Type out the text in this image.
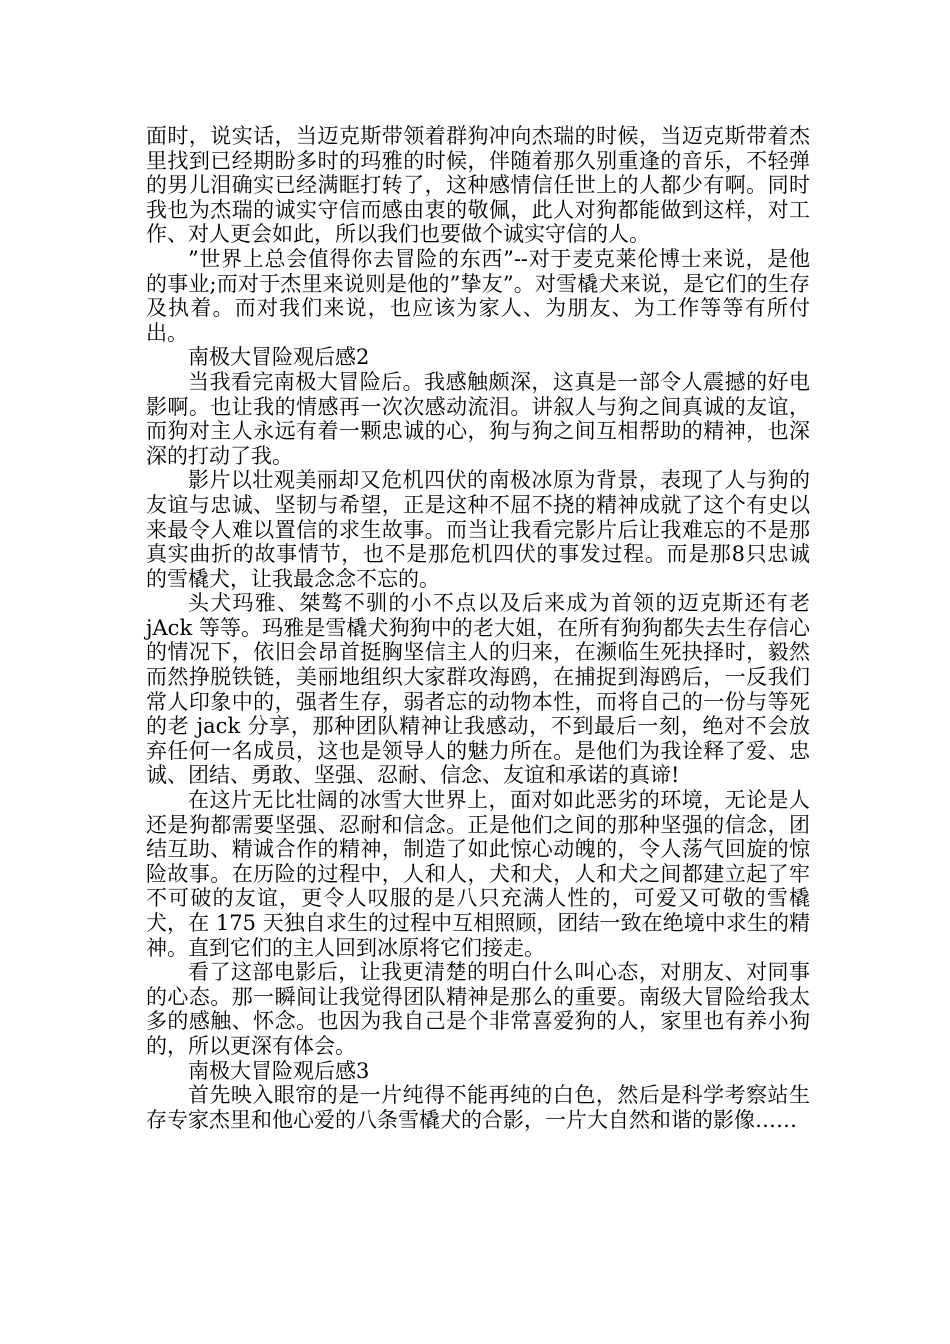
面时，说实话，当迈克斯带领着群狗冲向杰瑞的时候，当迈克斯带着杰里找到已经期盼多时的玛雅的时候，伴随着那久别重逢的音乐，不轻弹的男儿泪确实已经满眶打转了，这种感情信任世上的人都少有啊。同时我也为杰瑞的诚实守信而感由衷的敬佩，此人对狗都能做到这样，对工作、对人更会如此，所以我们也要做个诚实守信的人。

”世界上总会值得你去冒险的东西”--对于麦克莱伦博士来说，是他的事业;而对于杰里来说则是他的”挚友”。对雪橇犬来说，是它们的生存及执着。而对我们来说，也应该为家人、为朋友、为工作等等有所付出。

南极大冒险观后感2

当我看完南极大冒险后。我感触颇深，这真是一部令人震撼的好电影啊。也让我的情感再一次次感动流泪。讲叙人与狗之间真诚的友谊，而狗对主人永远有着一颗忠诚的心，狗与狗之间互相帮助的精神，也深深的打动了我。

影片以壮观美丽却又危机四伏的南极冰原为背景，表现了人与狗的友谊与忠诚、坚韧与希望，正是这种不屈不挠的精神成就了这个有史以来最令人难以置信的求生故事。而当让我看完影片后让我难忘的不是那真实曲折的故事情节，也不是那危机四伏的事发过程。而是那8只忠诚的雪橇犬，让我最念念不忘的。

头犬玛雅、桀骜不驯的小不点以及后来成为首领的迈克斯还有老 jAck 等等。玛雅是雪橇犬狗狗中的老大姐，在所有狗狗都失去生存信心的情况下，依旧会昂首挺胸坚信主人的归来，在濒临生死抉择时，毅然而然挣脱铁链，美丽地组织大家群攻海鸥，在捕捉到海鸥后，一反我们常人印象中的，强者生存，弱者忘的动物本性，而将自己的一份与等死的老 jack 分享，那种团队精神让我感动，不到最后一刻，绝对不会放弃任何一名成员，这也是领导人的魅力所在。是他们为我诠释了爱、忠诚、团结、勇敢、坚强、忍耐、信念、友谊和承诺的真谛!

在这片无比壮阔的冰雪大世界上，面对如此恶劣的环境，无论是人还是狗都需要坚强、忍耐和信念。正是他们之间的那种坚强的信念，团结互助、精诚合作的精神，制造了如此惊心动魄的，令人荡气回旋的惊险故事。在历险的过程中，人和人，犬和犬，人和犬之间都建立起了牢不可破的友谊，更令人叹服的是八只充满人性的，可爱又可敬的雪橇犬，在 175 天独自求生的过程中互相照顾，团结一致在绝境中求生的精神。直到它们的主人回到冰原将它们接走。

看了这部电影后，让我更清楚的明白什么叫心态，对朋友、对同事的心态。那一瞬间让我觉得团队精神是那么的重要。南级大冒险给我太多的感触、怀念。也因为我自己是个非常喜爱狗的人，家里也有养小狗的，所以更深有体会。

南极大冒险观后感3

首先映入眼帘的是一片纯得不能再纯的白色，然后是科学考察站生存专家杰里和他心爱的八条雪橇犬的合影，一片大自然和谐的影像……
